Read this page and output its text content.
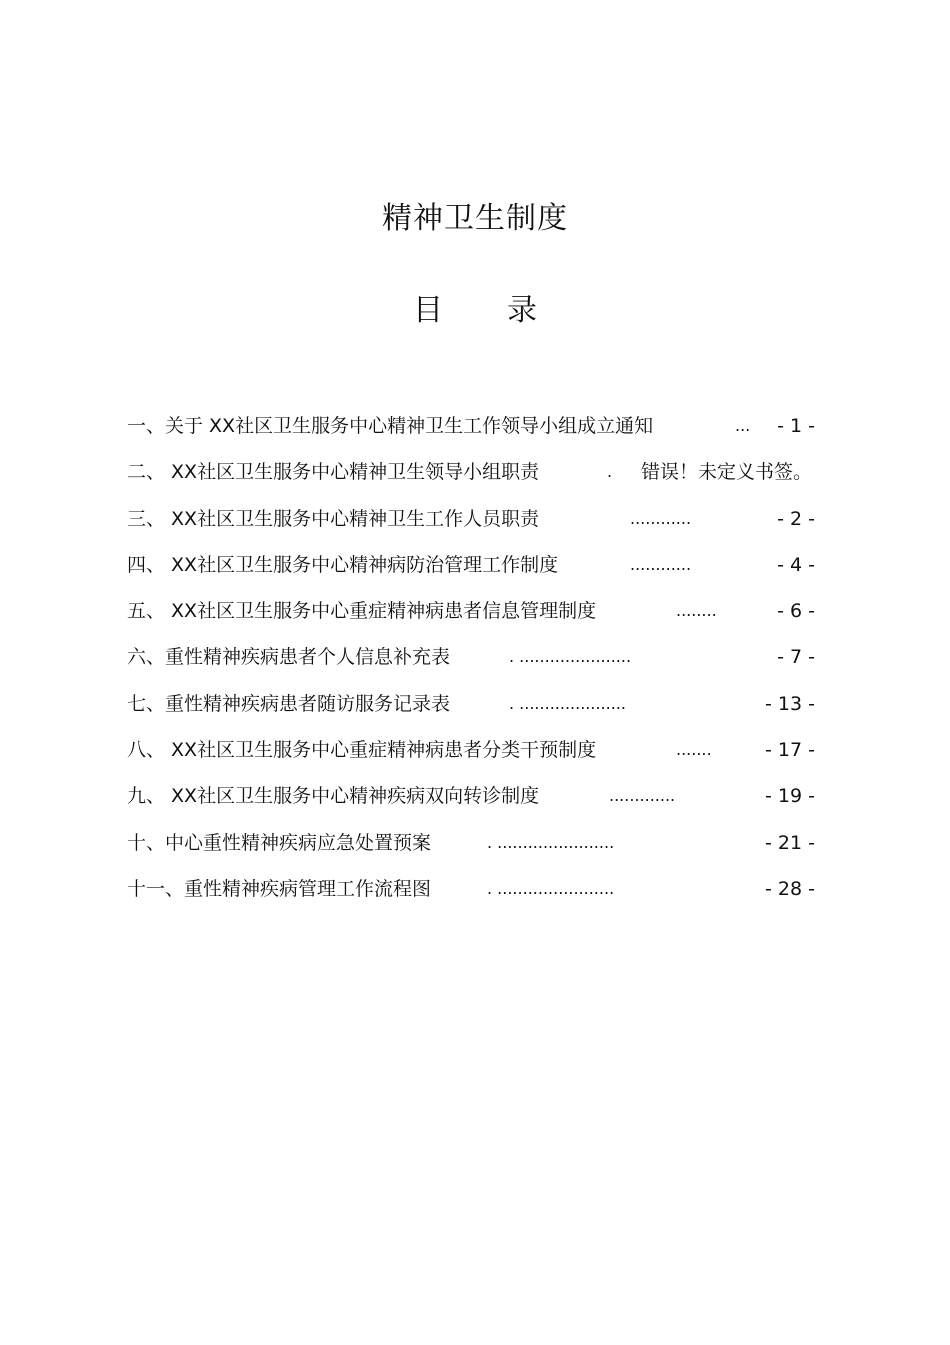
精神卫生制度
目 录
一、关于 XX社区卫生服务中心精神卫生工作领导小组成立通知	... - 1 -
二、 XX社区卫生服务中心精神卫生领导小组职责	. 错误！未定义书签。
三、 XX社区卫生服务中心精神卫生工作人员职责	............	- 2 -
四、 XX社区卫生服务中心精神病防治管理工作制度	............	- 4 -
五、 XX社区卫生服务中心重症精神病患者信息管理制度	........	- 6 -
六、重性精神疾病患者个人信息补充表	. ......................	- 7 -
七、重性精神疾病患者随访服务记录表	. .....................	- 13 -
八、 XX社区卫生服务中心重症精神病患者分类干预制度	.......	- 17 -
九、 XX社区卫生服务中心精神疾病双向转诊制度	.............	- 19 -
十、中心重性精神疾病应急处置预案	. .......................	- 21 -
十一、重性精神疾病管理工作流程图	. .......................	- 28 -
